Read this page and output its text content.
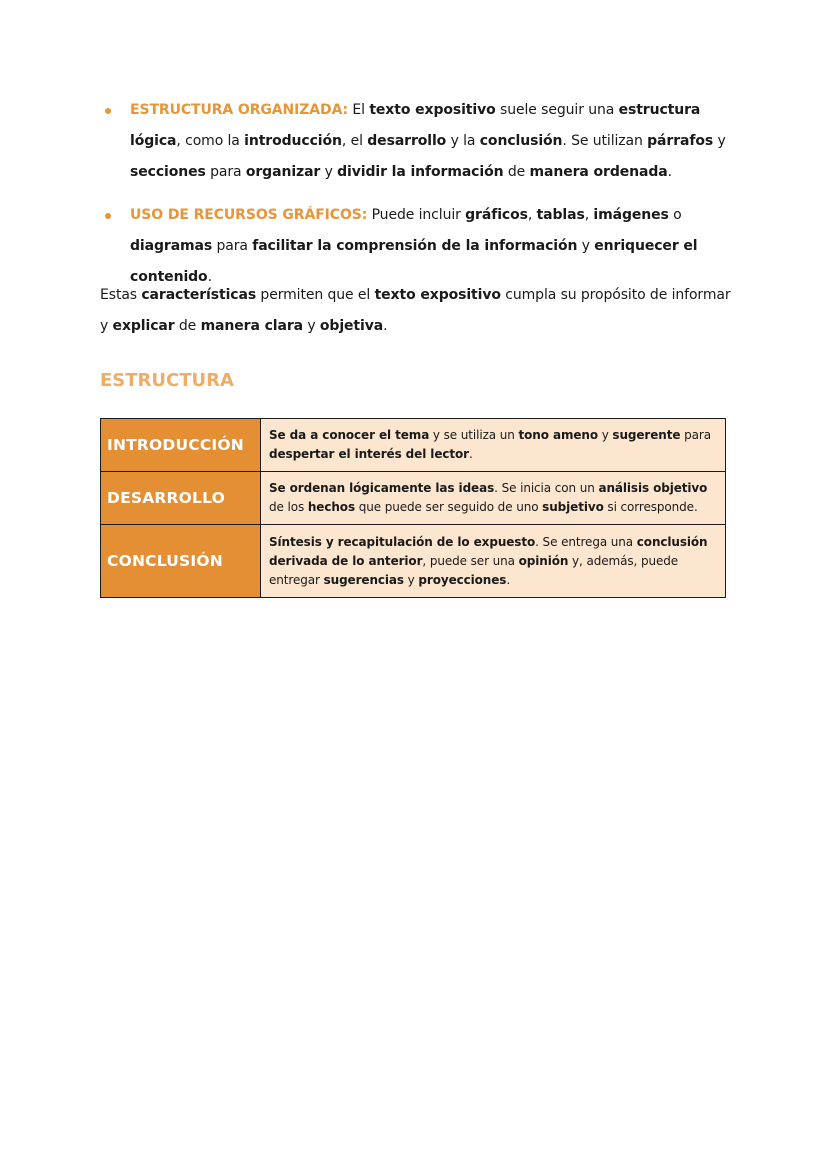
ESTRUCTURA ORGANIZADA: El texto expositivo suele seguir una estructura lógica, como la introducción, el desarrollo y la conclusión. Se utilizan párrafos y secciones para organizar y dividir la información de manera ordenada.
USO DE RECURSOS GRÁFICOS: Puede incluir gráficos, tablas, imágenes o diagramas para facilitar la comprensión de la información y enriquecer el contenido.

Estas características permiten que el texto expositivo cumpla su propósito de informar y explicar de manera clara y objetiva.

ESTRUCTURA
INTRODUCCIÓN	Se da a conocer el tema y se utiliza un tono ameno y sugerente para despertar el interés del lector.
DESARROLLO	Se ordenan lógicamente las ideas. Se inicia con un análisis objetivo de los hechos que puede ser seguido de uno subjetivo si corresponde.
CONCLUSIÓN	Síntesis y recapitulación de lo expuesto. Se entrega una conclusión derivada de lo anterior, puede ser una opinión y, además, puede entregar sugerencias y proyecciones.
